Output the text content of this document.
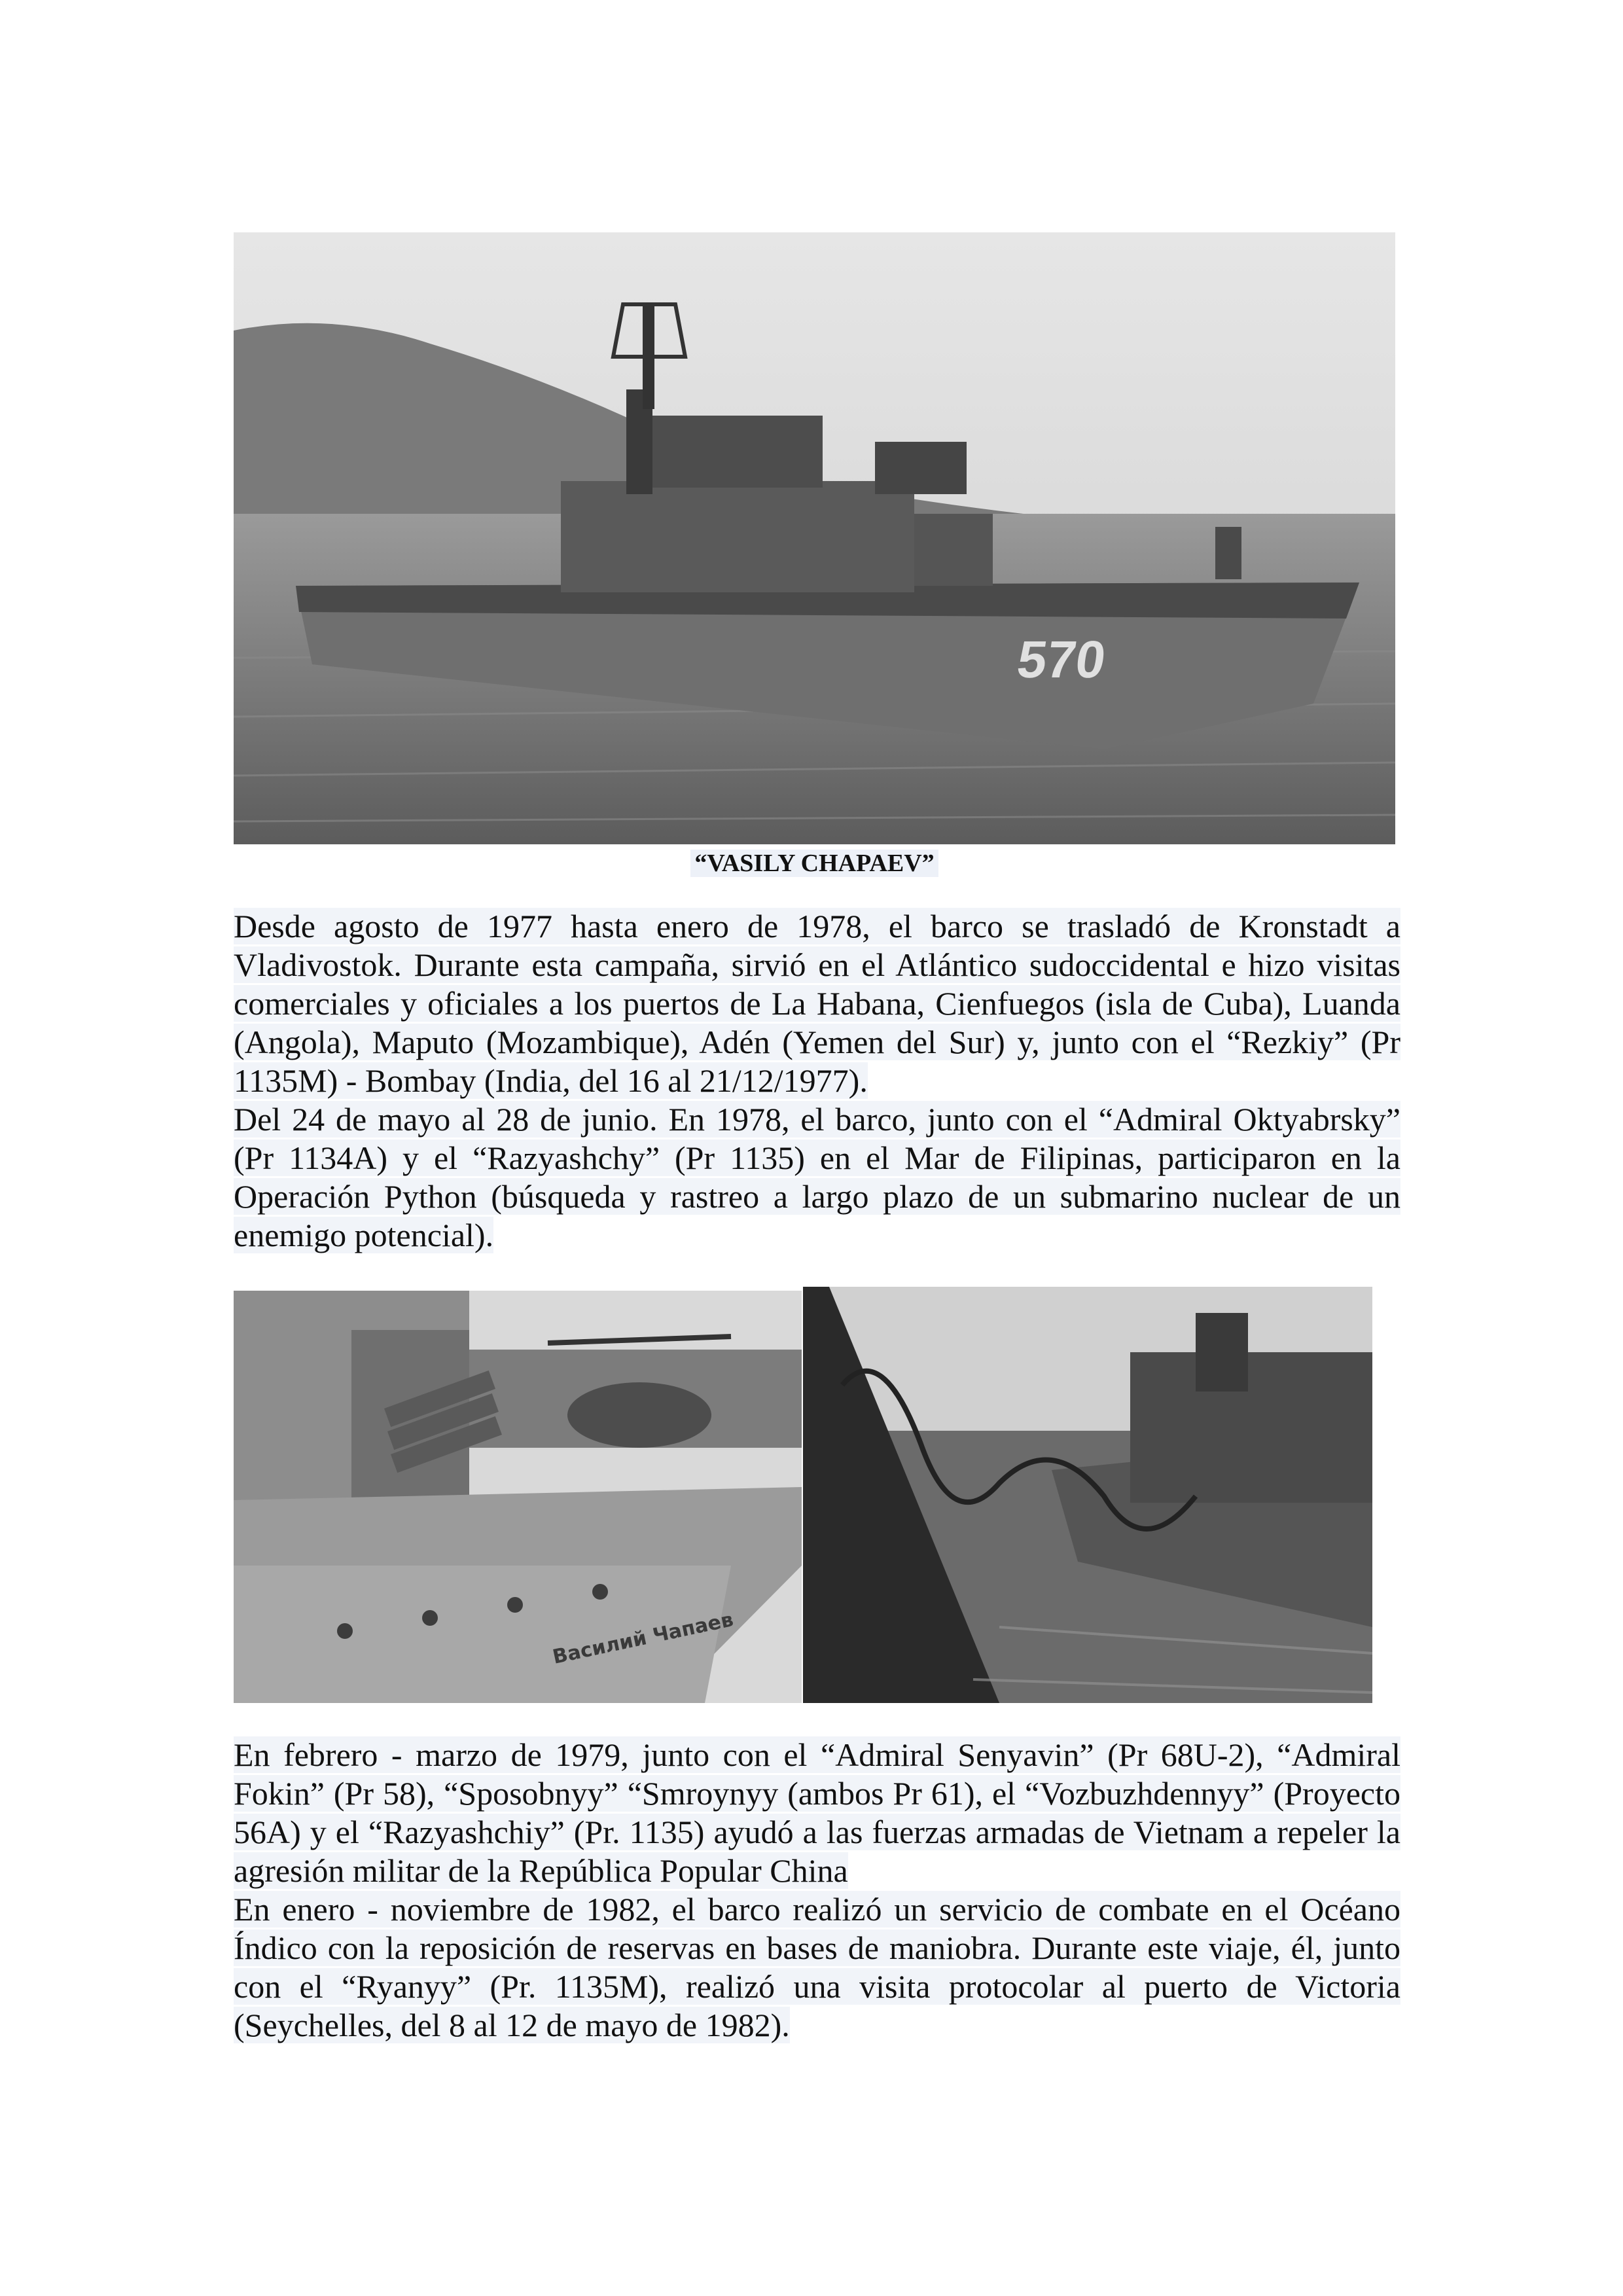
570
“VASILY CHAPAEV”

Desde agosto de 1977 hasta enero de 1978, el barco se trasladó de Kronstadt a Vladivostok. Durante esta campaña, sirvió en el Atlántico sudoccidental e hizo visitas comerciales y oficiales a los puertos de La Habana, Cienfuegos (isla de Cuba), Luanda (Angola), Maputo (Mozambique), Adén (Yemen del Sur) y, junto con el “Rezkiy” (Pr 1135M) - Bombay (India, del 16 al 21/12/1977).

Del 24 de mayo al 28 de junio. En 1978, el barco, junto con el “Admiral Oktyabrsky” (Pr 1134A) y el “Razyashchy” (Pr 1135) en el Mar de Filipinas, participaron en la Operación Python (búsqueda y rastreo a largo plazo de un submarino nuclear de un enemigo potencial).

Василий Чапаев

En febrero - marzo de 1979, junto con el “Admiral Senyavin” (Pr 68U-2), “Admiral Fokin” (Pr 58), “Sposobnyy” “Smroynyy (ambos Pr 61), el “Vozbuzhdennyy” (Proyecto 56A) y el “Razyashchiy” (Pr. 1135) ayudó a las fuerzas armadas de Vietnam a repeler la agresión militar de la República Popular China

En enero - noviembre de 1982, el barco realizó un servicio de combate en el Océano Índico con la reposición de reservas en bases de maniobra. Durante este viaje, él, junto con el “Ryanyy” (Pr. 1135M), realizó una visita protocolar al puerto de Victoria (Seychelles, del 8 al 12 de mayo de 1982).
